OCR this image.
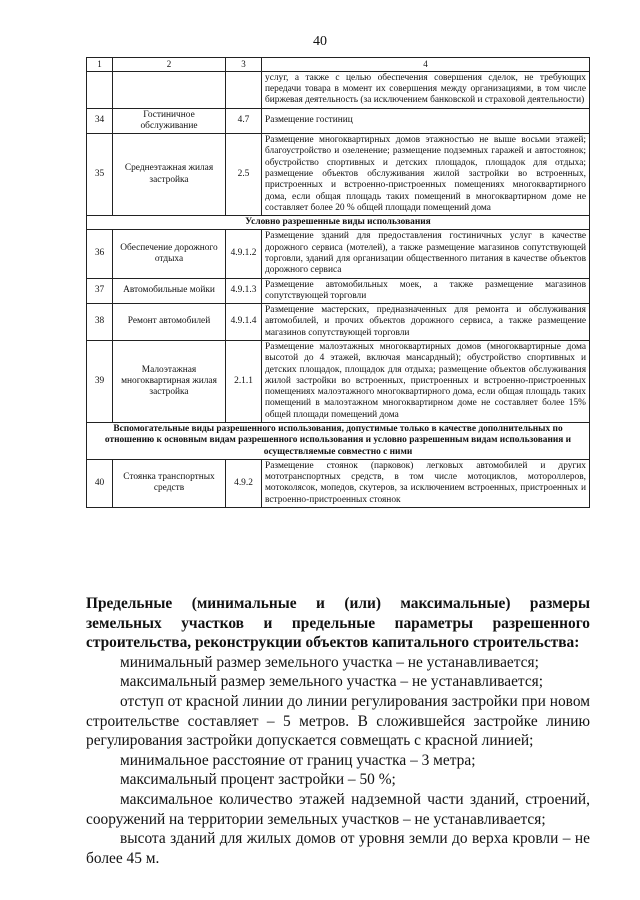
40
1	2	3	4
			услуг, а также с целью обеспечения совершения сделок, не требующих передачи товара в момент их совершения между организациями, в том числе биржевая деятельность (за исключением банковской и страховой деятельности)
34	Гостиничное обслуживание	4.7	Размещение гостиниц
35	Среднеэтажная жилая застройка	2.5	Размещение многоквартирных домов этажностью не выше восьми этажей; благоустройство и озеленение; размещение подземных гаражей и автостоянок; обустройство спортивных и детских площадок, площадок для отдыха; размещение объектов обслуживания жилой застройки во встроенных, пристроенных и встроенно-пристроенных помещениях многоквартирного дома, если общая площадь таких помещений в многоквартирном доме не составляет более 20 % общей площади помещений дома
Условно разрешенные виды использования			
36	Обеспечение дорожного отдыха	4.9.1.2	Размещение зданий для предоставления гостиничных услуг в качестве дорожного сервиса (мотелей), а также размещение магазинов сопутствующей торговли, зданий для организации общественного питания в качестве объектов дорожного сервиса
37	Автомобильные мойки	4.9.1.3	Размещение автомобильных моек, а также размещение магазинов сопутствующей торговли
38	Ремонт автомобилей	4.9.1.4	Размещение мастерских, предназначенных для ремонта и обслуживания автомобилей, и прочих объектов дорожного сервиса, а также размещение магазинов сопутствующей торговли
39	Малоэтажная многоквартирная жилая застройка	2.1.1	Размещение малоэтажных многоквартирных домов (многоквартирные дома высотой до 4 этажей, включая мансардный); обустройство спортивных и детских площадок, площадок для отдыха; размещение объектов обслуживания жилой застройки во встроенных, пристроенных и встроенно-пристроенных помещениях малоэтажного многоквартирного дома, если общая площадь таких помещений в малоэтажном многоквартирном доме не составляет более 15% общей площади помещений дома
Вспомогательные виды разрешенного использования, допустимые только в качестве дополнительных по отношению к основным видам разрешенного использования и условно разрешенным видам использования и осуществляемые совместно с ними			
40	Стоянка транспортных средств	4.9.2	Размещение стоянок (парковок) легковых автомобилей и других мототранспортных средств, в том числе мотоциклов, мотороллеров, мотоколясок, мопедов, скутеров, за исключением встроенных, пристроенных и встроенно-пристроенных стоянок

Предельные (минимальные и (или) максимальные) размеры земельных участков и предельные параметры разрешенного строительства, реконструкции объектов капитального строительства:

минимальный размер земельного участка – не устанавливается;

максимальный размер земельного участка – не устанавливается;

отступ от красной линии до линии регулирования застройки при новом строительстве составляет – 5 метров. В сложившейся застройке линию регулирования застройки допускается совмещать с красной линией;

минимальное расстояние от границ участка – 3 метра;

максимальный процент застройки – 50 %;

максимальное количество этажей надземной части зданий, строений, сооружений на территории земельных участков – не устанавливается;

высота зданий для жилых домов от уровня земли до верха кровли – не более 45 м.
